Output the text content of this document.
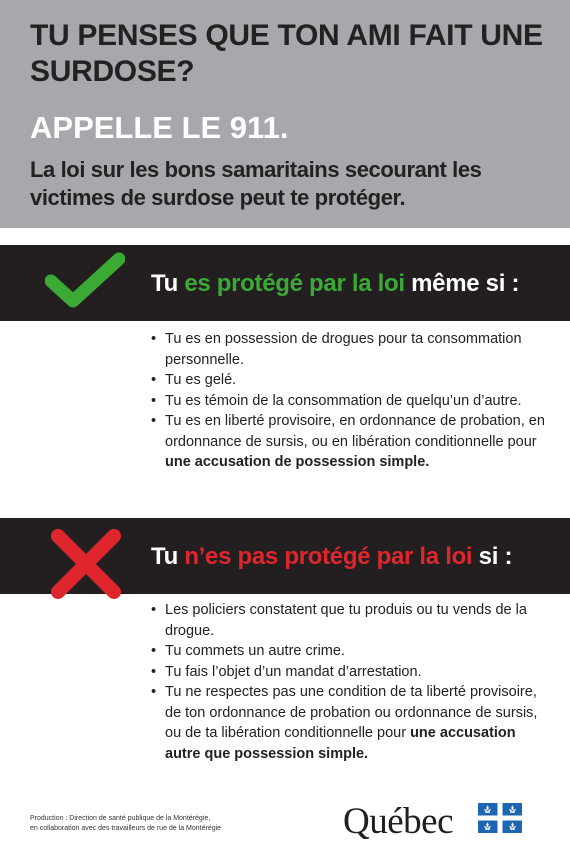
TU PENSES QUE TON AMI FAIT UNE SURDOSE?
APPELLE LE 911.

La loi sur les bons samaritains secourant les victimes de surdose peut te protéger.

Tu es protégé par la loi même si :
• Tu es en possession de drogues pour ta consommation personnelle.
• Tu es gelé.
• Tu es témoin de la consommation de quelqu’un d’autre.
• Tu es en liberté provisoire, en ordonnance de probation, en ordonnance de sursis, ou en libération conditionnelle pour une accusation de possession simple.
Tu n’es pas protégé par la loi si :
• Les policiers constatent que tu produis ou tu vends de la drogue.
• Tu commets un autre crime.
• Tu fais l’objet d’un mandat d’arrestation.
• Tu ne respectes pas une condition de ta liberté provisoire, de ton ordonnance de probation ou ordonnance de sursis, ou de ta libération conditionnelle pour une accusation autre que possession simple.

Production : Direction de santé publique de la Montérégie,
en collaboration avec des travailleurs de rue de la Montérégie	Québec
